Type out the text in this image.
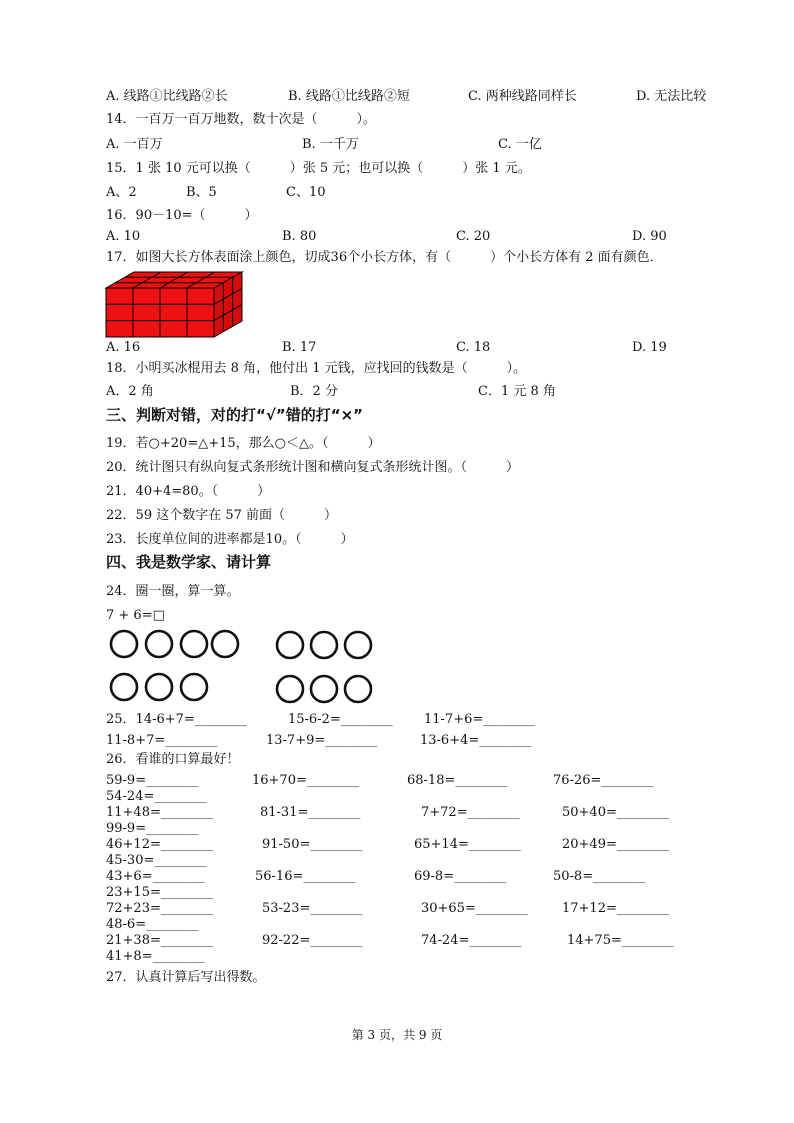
A. 线路①比线路②长	B. 线路①比线路②短	C. 两种线路同样长	D. 无法比较
14．一百万一百万地数，数十次是（　　　）。
A. 一百万	B. 一千万	C. 一亿
15．1 张 10 元可以换（　　　）张 5 元；也可以换（　　　）张 1 元。
A、2	B、5	C、10
16．90－10=（　　　）
A. 10	B. 80	C. 20	D. 90
17．如图大长方体表面涂上颜色，切成36个小长方体，有（　　　）个小长方体有 2 面有颜色．
A. 16	B. 17	C. 18	D. 19
18．小明买冰棍用去 8 角，他付出 1 元钱，应找回的钱数是（　　　）。
A．2 角	B．2 分	C．1 元 8 角
三、判断对错，对的打“√”错的打“×”
19．若○+20=△+15，那么○＜△。（　　　）
20．统计图只有纵向复式条形统计图和横向复式条形统计图。（　　　）
21．40+4=80。（　　　）
22．59 这个数字在 57 前面（　　　）
23．长度单位间的进率都是10。（　　　）
四、我是数学家、请计算
24．圈一圈，算一算。
7 + 6=□
25．14-6+7=________	15-6-2=________ 11-7+6=________
11-8+7=________	13-7+9=________	13-6+4=________
26．看谁的口算最好！
59-9=________	16+70=________	68-18=________	76-26=________
54-24=________
11+48=________	81-31=________	7+72=________	50+40=________
99-9=________
46+12=________	91-50=________	65+14=________	20+49=________
45-30=________
43+6=________	56-16=________	69-8=________	50-8=________
23+15=________
72+23=________	53-23=________	30+65=________	17+12=________
48-6=________
21+38=________	92-22=________	74-24=________	14+75=________
41+8=________
27．认真计算后写出得数。
第 3 页，共 9 页
